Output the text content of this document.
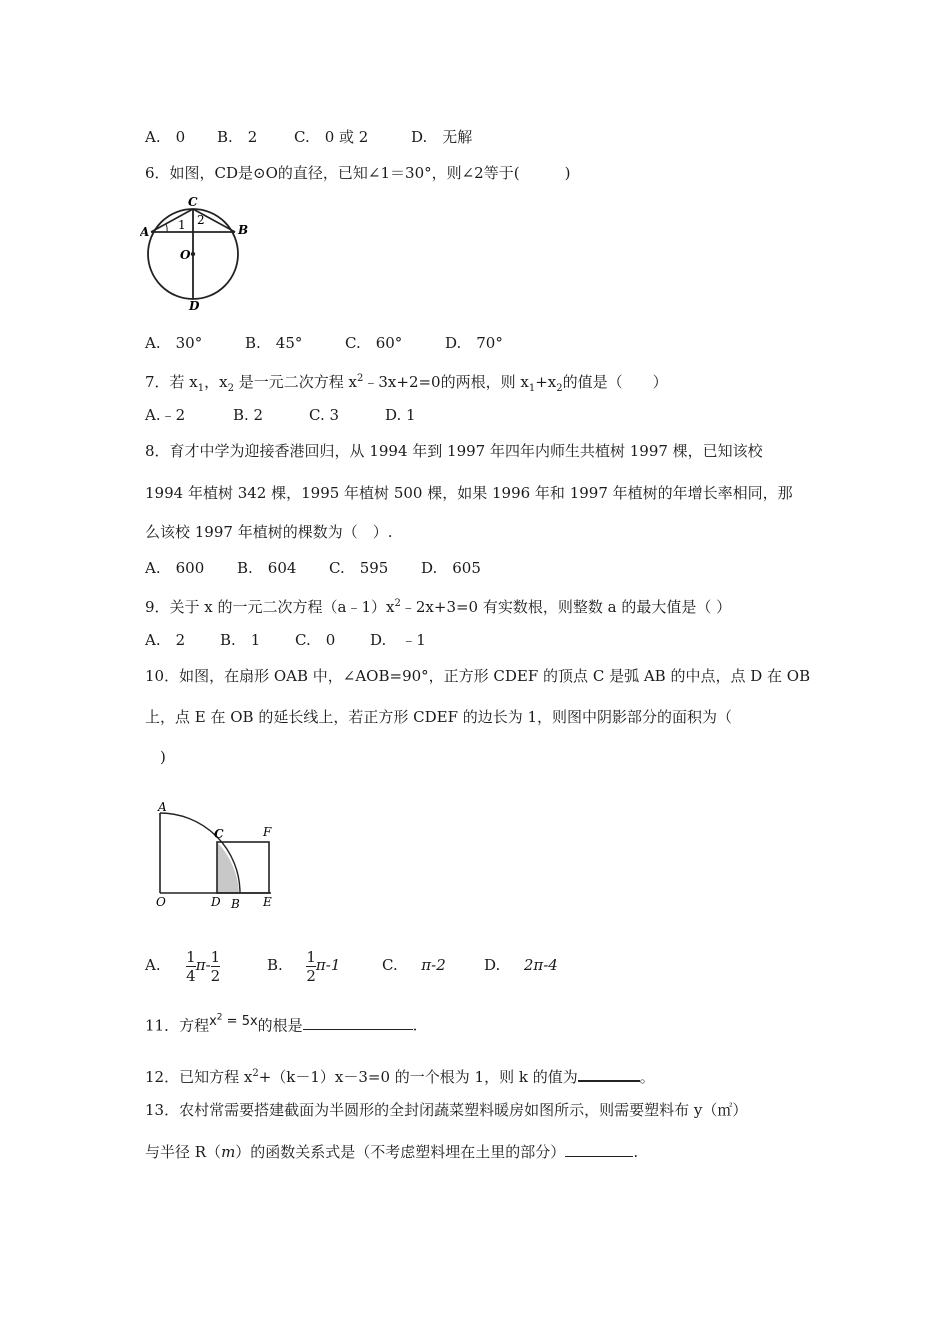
A.　0 B.　2 C.　0 或 2	D.　无解
6．如图，CD是⊙O的直径，已知∠1＝30°，则∠2等于(　　　)
C
A	B
O
D
1 2
A.　30°	B.　45°	C.　60°	D.　70°
7．若 $x_1$，$x_2$ 是一元二次方程 $x^2﹣3x+2=0$的两根，则 $x_1+x_2$的值是（　　）
A.﹣2	B. 2	C. 3	D. 1
8．育才中学为迎接香港回归，从 1994 年到 1997 年四年内师生共植树 1997 棵，已知该校
1994 年植树 342 棵，1995 年植树 500 棵，如果 1996 年和 1997 年植树的年增长率相同，那
么该校 1997 年植树的棵数为（　）.
A.　600 B.　604 C.　595 D.　605
9．关于 x 的一元二次方程$(a﹣1)x^2﹣2x+3=0$ 有实数根，则整数 a 的最大值是（ ）
A.　2 B.　1 C.　0 D.　﹣1
10．如图，在扇形 OAB 中，∠AOB=90°，正方形 CDEF 的顶点 C 是弧 AB 的中点，点 D 在 OB
上，点 E 在 OB 的延长线上，若正方形 CDEF 的边长为 1，则图中阴影部分的面积为（
　)
A
C	F
O	D B E
A. $\frac{1}{4} \pi- \frac{1}{2}$	B. $\frac{1}{2} \pi-1$	C. π-2	D. 2π-4
11．方程$x^2 = 5x$的根是	.
12．已知方程 $x^2+(k-1)x-3=0$ 的一个根为 1，则 k 的值为	。
13．农村常需要搭建截面为半圆形的全封闭蔬菜塑料暖房如图所示，则需要塑料布 y（㎡）
与半径 R（m）的函数关系式是（不考虑塑料埋在土里的部分）	.
